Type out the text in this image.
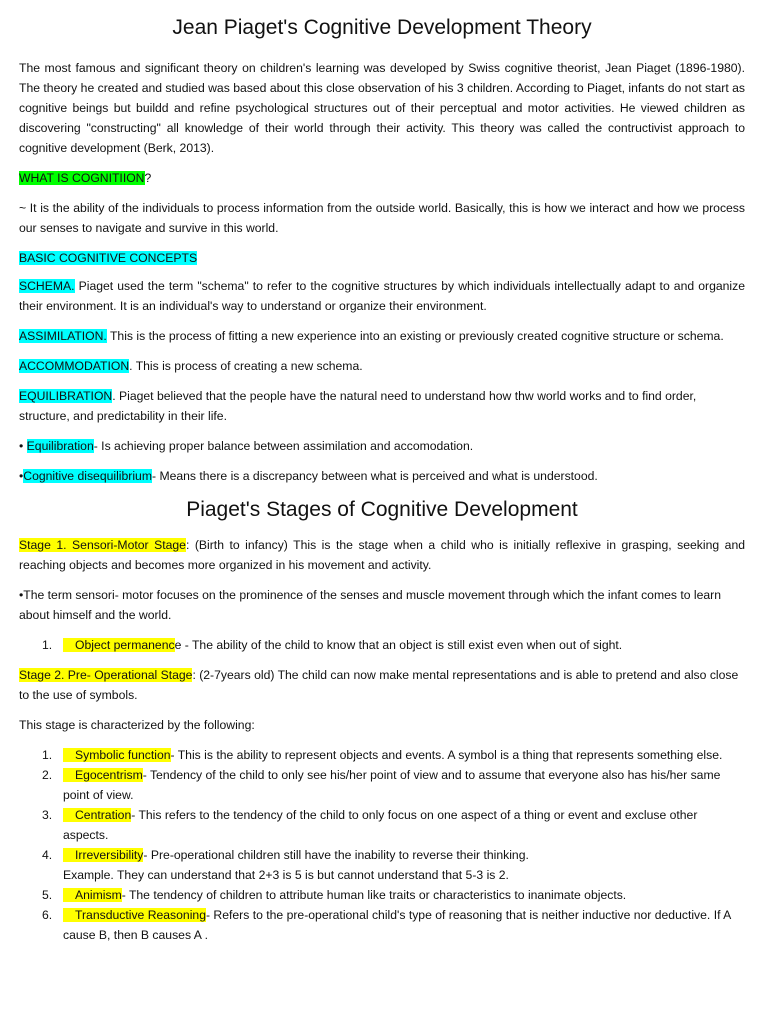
Jean Piaget's Cognitive Development Theory

The most famous and significant theory on children's learning was developed by Swiss cognitive theorist, Jean Piaget (1896-1980). The theory he created and studied was based about this close observation of his 3 children. According to Piaget, infants do not start as cognitive beings but buildd and refine psychological structures out of their perceptual and motor activities. He viewed children as discovering "constructing" all knowledge of their world through their activity. This theory was called the contructivist approach to cognitive development (Berk, 2013).

WHAT IS COGNITIION?

~ It is the ability of the individuals to process information from the outside world. Basically, this is how we interact and how we process our senses to navigate and survive in this world.

BASIC COGNITIVE CONCEPTS

SCHEMA. Piaget used the term "schema" to refer to the cognitive structures by which individuals intellectually adapt to and organize their environment. It is an individual's way to understand or organize their environment.

ASSIMILATION. This is the process of fitting a new experience into an existing or previously created cognitive structure or schema.

ACCOMMODATION. This is process of creating a new schema.

EQUILIBRATION. Piaget believed that the people have the natural need to understand how thw world works and to find order, structure, and predictability in their life.

• Equilibration- Is achieving proper balance between assimilation and accomodation.

•Cognitive disequilibrium- Means there is a discrepancy between what is perceived and what is understood.

Piaget's Stages of Cognitive Development

Stage 1. Sensori-Motor Stage: (Birth to infancy) This is the stage when a child who is initially reflexive in grasping, seeking and reaching objects and becomes more organized in his movement and activity.

•The term sensori- motor focuses on the prominence of the senses and muscle movement through which the infant comes to learn about himself and the world.

1. Object permanence - The ability of the child to know that an object is still exist even when out of sight.

Stage 2. Pre- Operational Stage: (2-7years old) The child can now make mental representations and is able to pretend and also close to the use of symbols.

This stage is characterized by the following:

1. Symbolic function- This is the ability to represent objects and events. A symbol is a thing that represents something else.
2. Egocentrism- Tendency of the child to only see his/her point of view and to assume that everyone also has his/her same point of view.
3. Centration- This refers to the tendency of the child to only focus on one aspect of a thing or event and excluse other aspects.
4. Irreversibility- Pre-operational children still have the inability to reverse their thinking.
Example. They can understand that 2+3 is 5 is but cannot understand that 5-3 is 2.
5. Animism- The tendency of children to attribute human like traits or characteristics to inanimate objects.
6. Transductive Reasoning- Refers to the pre-operational child's type of reasoning that is neither inductive nor deductive. If A cause B, then B causes A .
